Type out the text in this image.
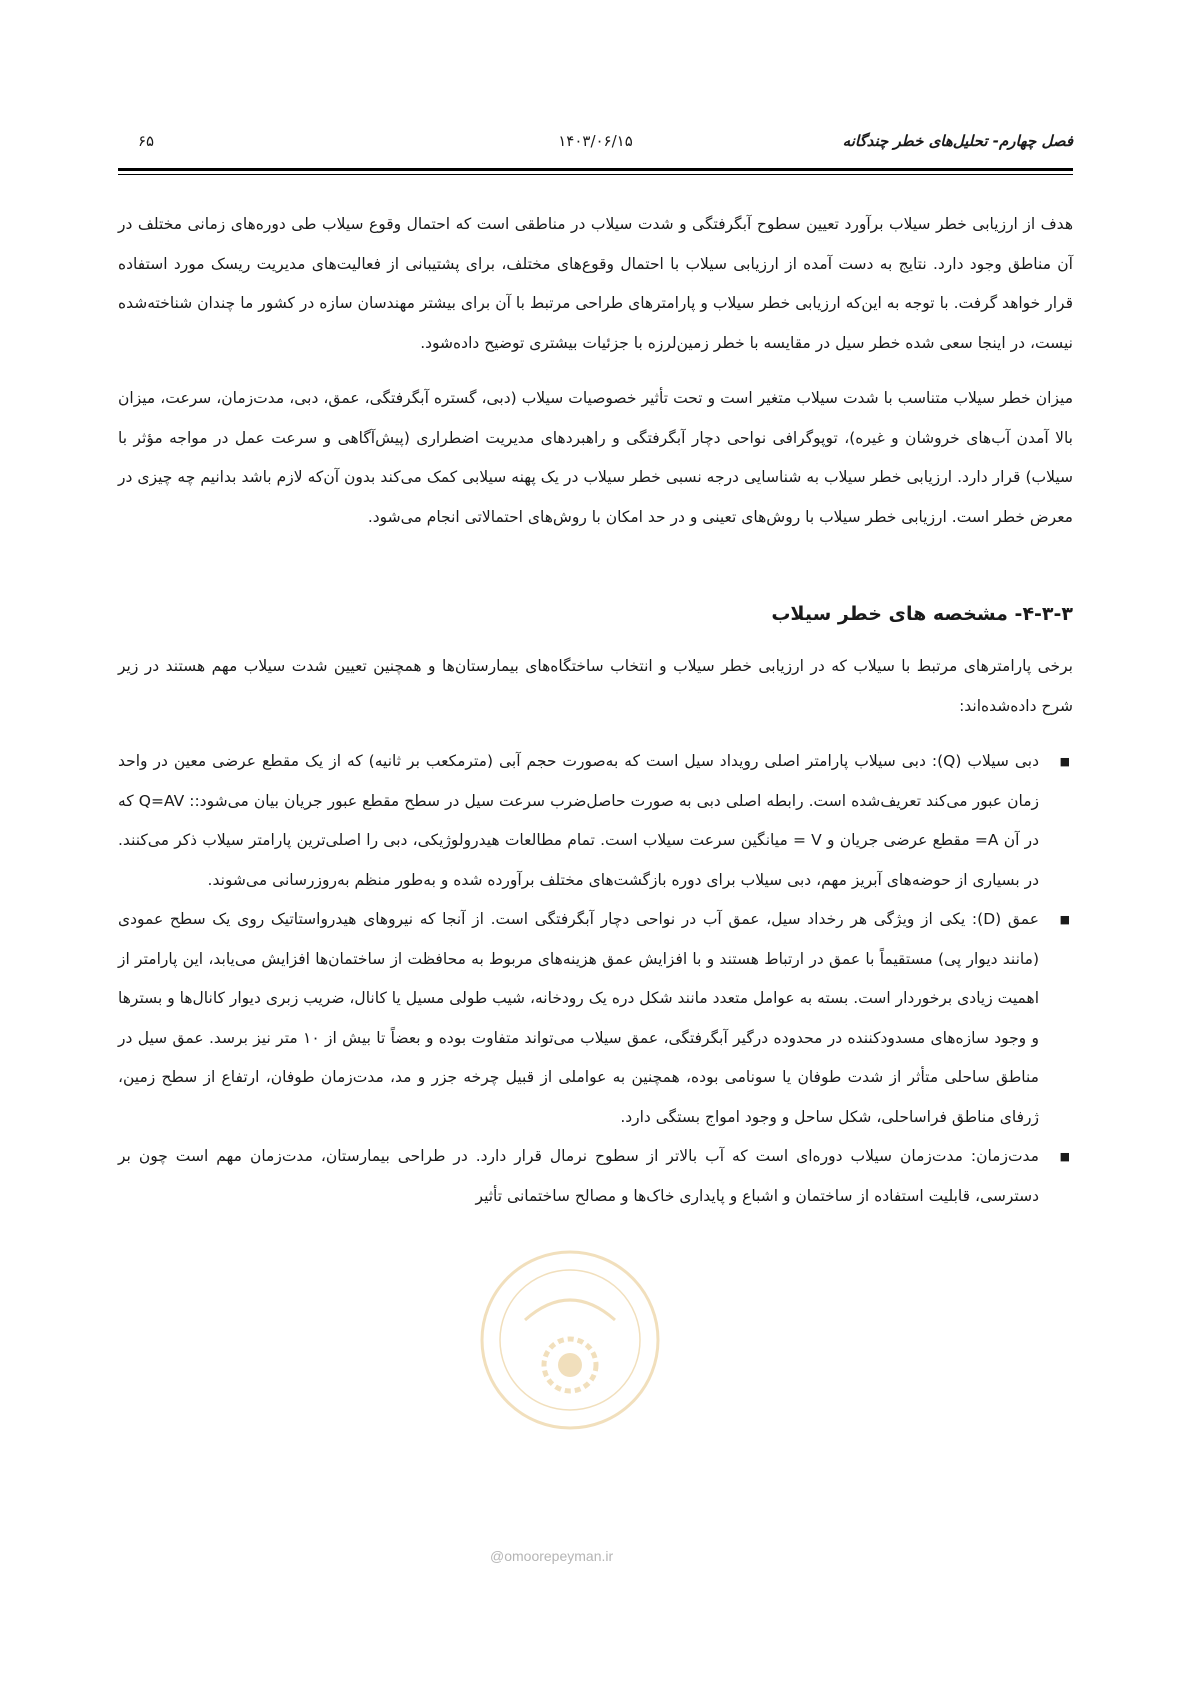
فصل چهارم- تحلیل‌های خطر چندگانه
۱۴۰۳/۰۶/۱۵
۶۵

هدف از ارزیابی خطر سیلاب برآورد تعیین سطوح آبگرفتگی و شدت سیلاب در مناطقی است که احتمال وقوع سیلاب طی دوره‌های زمانی مختلف در آن مناطق وجود دارد. نتایج به دست آمده از ارزیابی سیلاب با احتمال وقوع‌های مختلف، برای پشتیبانی از فعالیت‌های مدیریت ریسک مورد استفاده قرار خواهد گرفت. با توجه به این‌که ارزیابی خطر سیلاب و پارامترهای طراحی مرتبط با آن برای بیشتر مهندسان سازه در کشور ما چندان شناخته‌شده نیست، در اینجا سعی شده خطر سیل در مقایسه با خطر زمین‌لرزه با جزئیات بیشتری توضیح داده‌شود.

میزان خطر سیلاب متناسب با شدت سیلاب متغیر است و تحت تأثیر خصوصیات سیلاب (دبی، گستره آبگرفتگی، عمق، دبی، مدت‌زمان، سرعت، میزان بالا آمدن آب‌های خروشان و غیره)، توپوگرافی نواحی دچار آبگرفتگی و راهبردهای مدیریت اضطراری (پیش‌آگاهی و سرعت عمل در مواجه مؤثر با سیلاب) قرار دارد. ارزیابی خطر سیلاب به شناسایی درجه نسبی خطر سیلاب در یک پهنه سیلابی کمک می‌کند بدون آن‌که لازم باشد بدانیم چه چیزی در معرض خطر است. ارزیابی خطر سیلاب با روش‌های تعینی و در حد امکان با روش‌های احتمالاتی انجام می‌شود.

۴-۳-۳- مشخصه های خطر سیلاب

برخی پارامترهای مرتبط با سیلاب که در ارزیابی خطر سیلاب و انتخاب ساختگاه‌های بیمارستان‌ها و همچنین تعیین شدت سیلاب مهم هستند در زیر شرح داده‌شده‌اند:

■
دبی سیلاب (Q): دبی سیلاب پارامتر اصلی رویداد سیل است که به‌صورت حجم آبی (مترمکعب بر ثانیه) که از یک مقطع عرضی معین در واحد زمان عبور می‌کند تعریف‌شده است. رابطه اصلی دبی به صورت حاصل‌ضرب سرعت سیل در سطح مقطع عبور جریان بیان می‌شود:: Q=AV که در آن A= مقطع عرضی جریان و V = میانگین سرعت سیلاب است. تمام مطالعات هیدرولوژیکی، دبی را اصلی‌ترین پارامتر سیلاب ذکر می‌کنند. در بسیاری از حوضه‌های آبریز مهم، دبی سیلاب برای دوره بازگشت‌های مختلف برآورده شده و به‌طور منظم به‌روزرسانی می‌شوند.
■
عمق (D): یکی از ویژگی هر رخداد سیل، عمق آب در نواحی دچار آبگرفتگی است. از آنجا که نیروهای هیدرواستاتیک روی یک سطح عمودی (مانند دیوار پی) مستقیماً با عمق در ارتباط هستند و با افزایش عمق هزینه‌های مربوط به محافظت از ساختمان‌ها افزایش می‌یابد، این پارامتر از اهمیت زیادی برخوردار است. بسته به عوامل متعدد مانند شکل دره یک رودخانه، شیب طولی مسیل یا کانال، ضریب زبری دیوار کانال‌ها و بسترها و وجود سازه‌های مسدودکننده در محدوده درگیر آبگرفتگی، عمق سیلاب می‌تواند متفاوت بوده و بعضاً تا بیش از ۱۰ متر نیز برسد. عمق سیل در مناطق ساحلی متأثر از شدت طوفان یا سونامی بوده، همچنین به عواملی از قبیل چرخه جزر و مد، مدت‌زمان طوفان، ارتفاع از سطح زمین، ژرفای مناطق فراساحلی، شکل ساحل و وجود امواج بستگی دارد.
■
مدت‌زمان: مدت‌زمان سیلاب دوره‌ای است که آب بالاتر از سطوح نرمال قرار دارد. در طراحی بیمارستان، مدت‌زمان مهم است چون بر دسترسی، قابلیت استفاده از ساختمان و اشباع و پایداری خاک‌ها و مصالح ساختمانی تأثیر
@omoorepeyman.ir
